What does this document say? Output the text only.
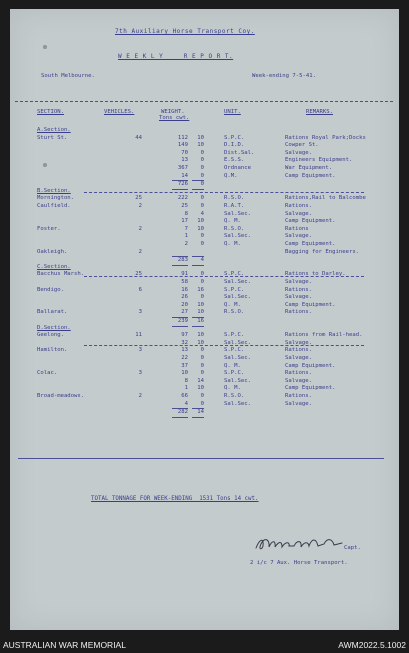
7th Auxiliary Horse Transport Coy.
W E E K L Y     R E P O R T.
South Melbourne.	Week-ending 7-5-41.
SECTION.	VEHICLES.	WEIGHT.
Tons cwt.
UNIT.	REMARKS.
A.Section.
Sturt St.	44	112	10	S.P.C.	Rations Royal Park;Docks
149	10	D.I.D.	Cowper St.
70	0	Dist.Sal.	Salvage.
13	0	E.S.S.	Engineers Equipment.
367	0	Ordnance	War Equipment.
14	0	Q.M.	Camp Equipment.
726	0
B.Section.
Mornington.	25	222	0	R.S.O.	Rations,Rail to Balcombe
Caulfield.	2	25	0	R.A.T.	Rations.
8	4	Sal.Sec.	Salvage.
17	10	Q. M.	Camp Equipment.
Foster.	2	7	10	R.S.O.	Rations
1	0	Sal.Sec.	Salvage.
2	0	Q. M.	Camp Equipment.
Oakleigh.	2	Bagging for Engineers.
283	4
C.Section.
Bacchus Marsh.	25	91	0	S.P.C.	Rations to Darley.
58	0	Sal.Sec.	Salvage.
Bendigo.	6	16	16	S.P.C.	Rations.
26	0	Sal.Sec.	Salvage.
20	10	Q. M.	Camp Equipment.
Ballarat.	3	27	10	R.S.O.	Rations.
239	16
D.Section.
Geelong.	11	97	10	S.P.C.	Rations from Rail-head.
32	10	Sal.Sec.	Salvage.
Hamilton.	3	13	0	S.P.C.	Rations.
22	0	Sal.Sec.	Salvage.
37	0	Q. M.	Camp Equipment.
Colac.	3	10	0	S.P.C.	Rations.
8	14	Sal.Sec.	Salvage.
1	10	Q. M.	Camp Equipment.
Broad-meadows.	2	66	0	R.S.O.	Rations.
4	0	Sal.Sec.	Salvage.
282	14
TOTAL TONNAGE FOR WEEK-ENDING  1531 Tons 14 cwt.
Capt.
2 i/c 7 Aux. Horse Transport.
AUSTRALIAN WAR MEMORIAL	AWM2022.5.1002
